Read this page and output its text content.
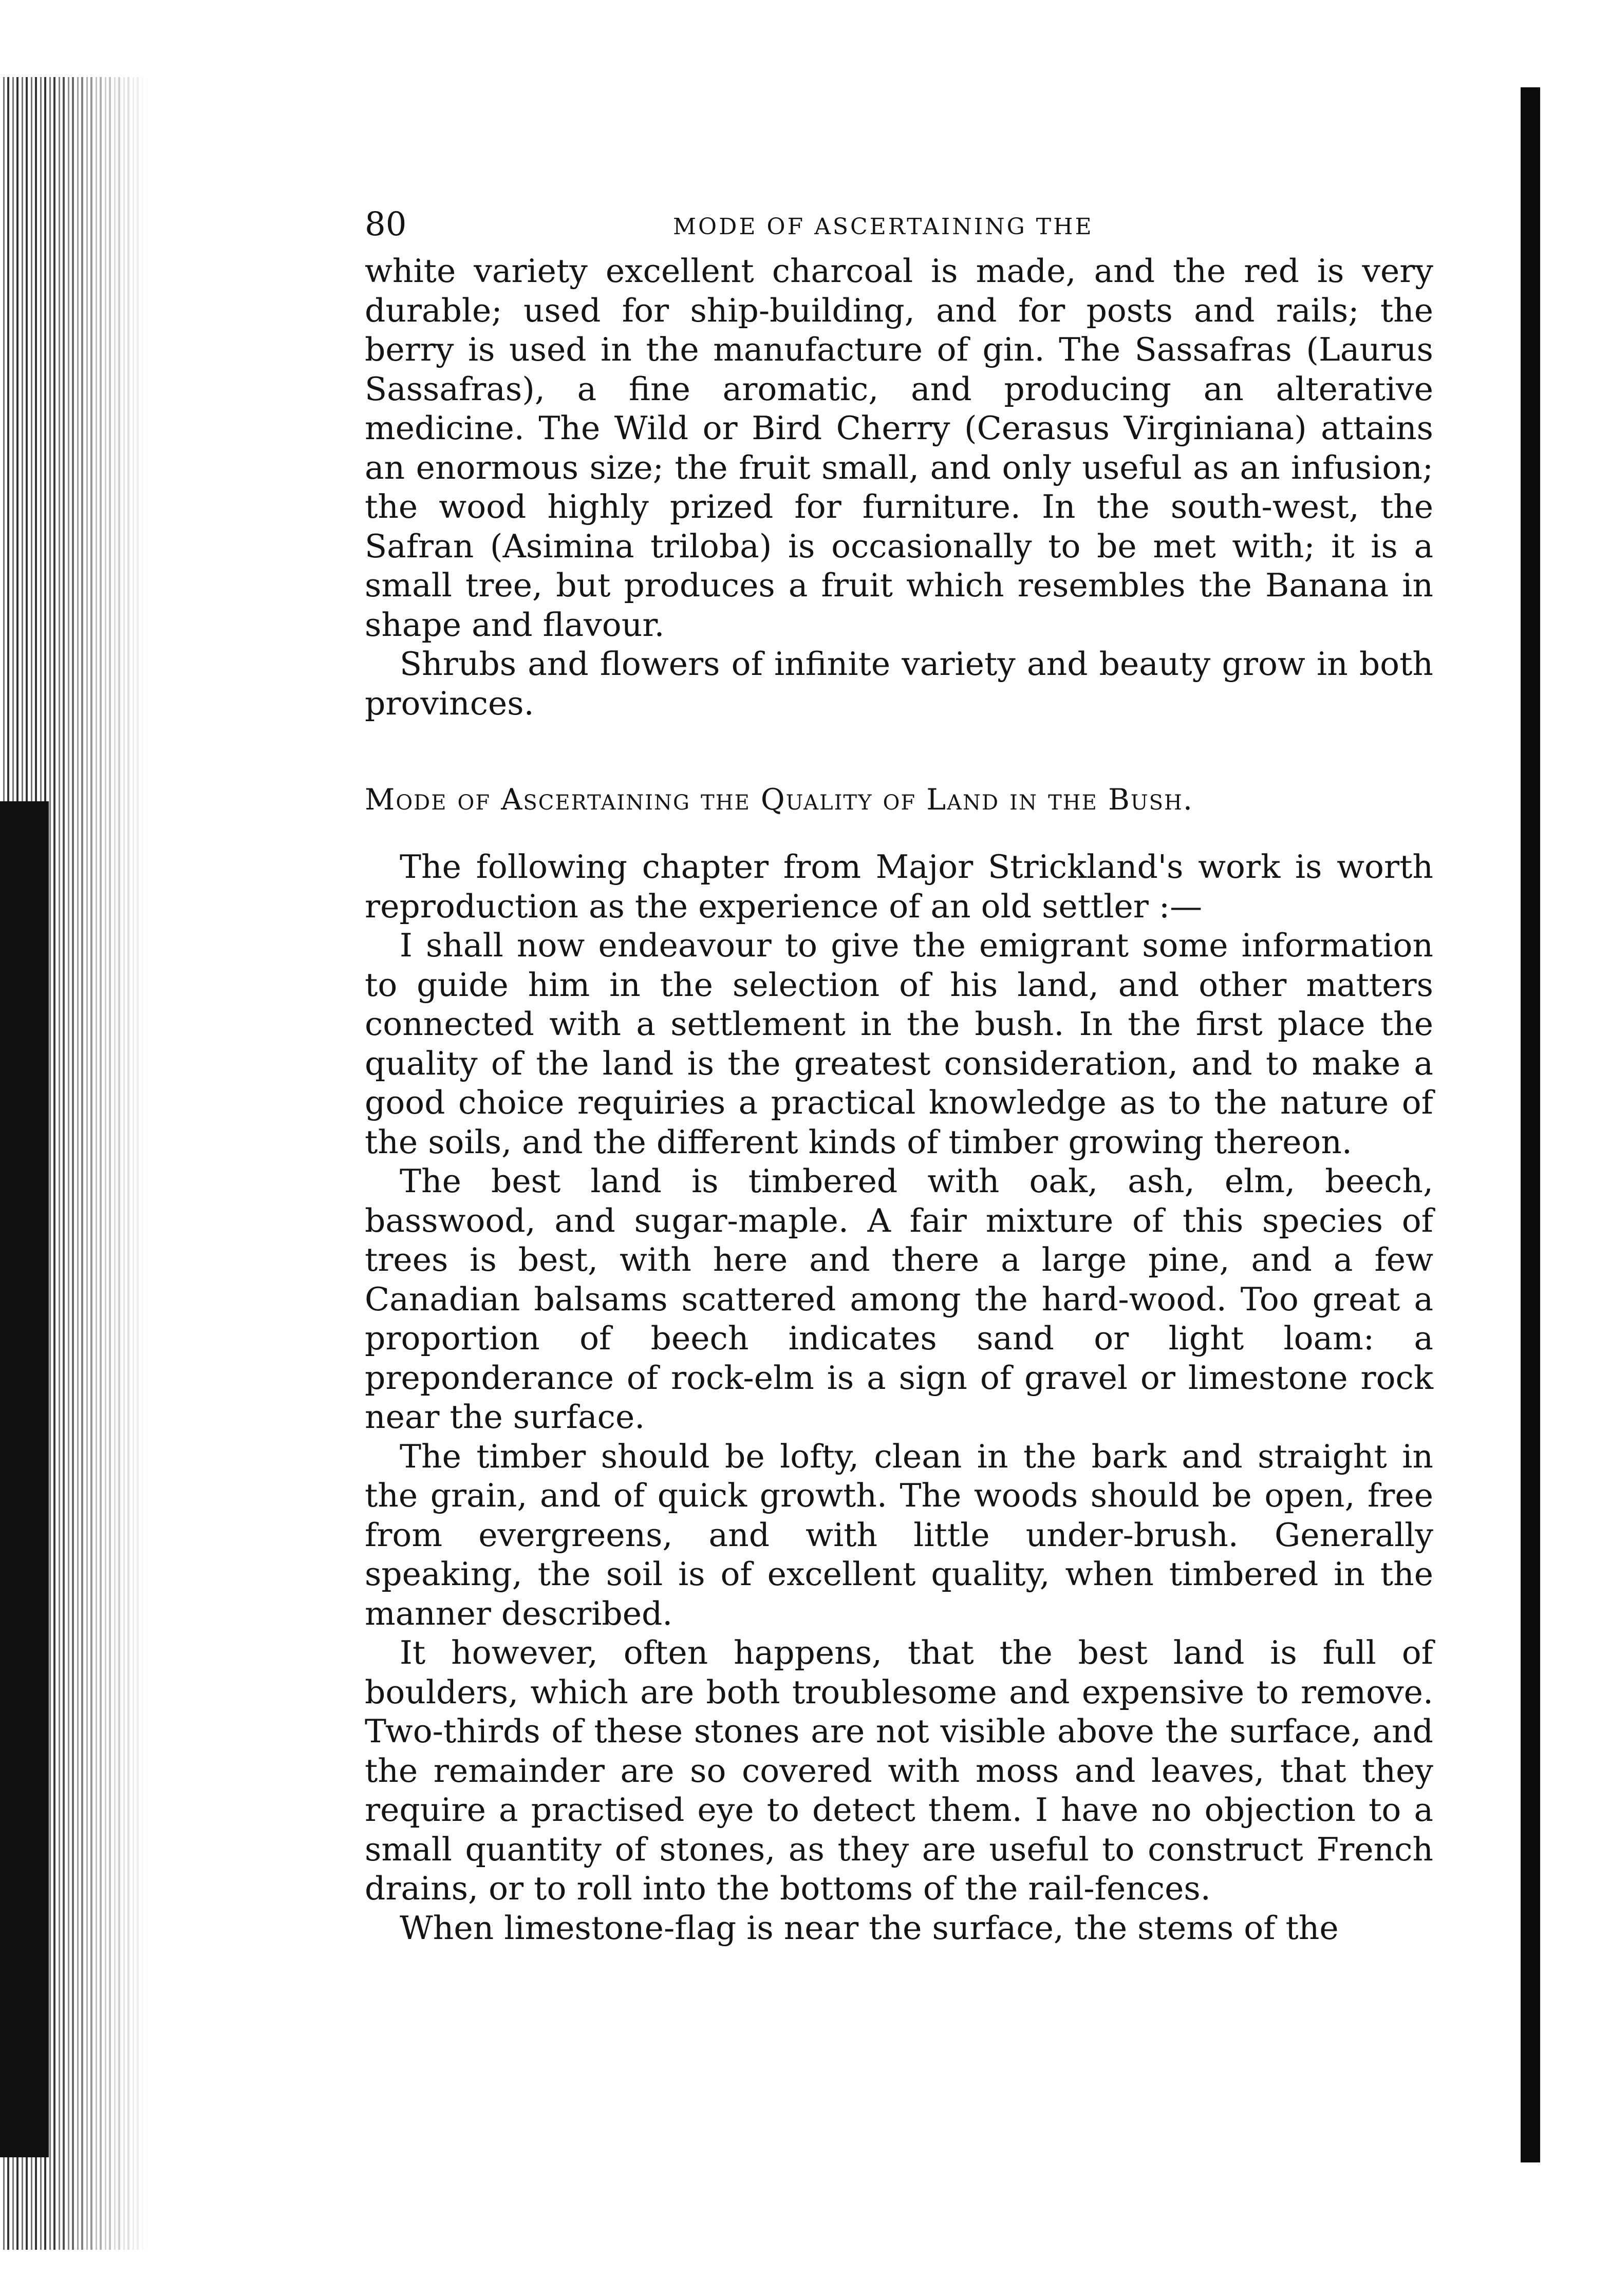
80	MODE OF ASCERTAINING THE

white variety excellent charcoal is made, and the red is very durable; used for ship-building, and for posts and rails; the berry is used in the manufacture of gin. The Sassafras (Laurus Sassafras), a fine aromatic, and producing an alterative medicine. The Wild or Bird Cherry (Cerasus Virginiana) attains an enormous size; the fruit small, and only useful as an infusion; the wood highly prized for furniture. In the south-west, the Safran (Asimina triloba) is occasionally to be met with; it is a small tree, but produces a fruit which resembles the Banana in shape and flavour.

Shrubs and flowers of infinite variety and beauty grow in both provinces.

Mode of Ascertaining the Quality of Land in the Bush.

The following chapter from Major Strickland's work is worth reproduction as the experience of an old settler :—

I shall now endeavour to give the emigrant some information to guide him in the selection of his land, and other matters connected with a settlement in the bush. In the first place the quality of the land is the greatest consideration, and to make a good choice requiries a practical knowledge as to the nature of the soils, and the different kinds of timber growing thereon.

The best land is timbered with oak, ash, elm, beech, basswood, and sugar-maple. A fair mixture of this species of trees is best, with here and there a large pine, and a few Canadian balsams scattered among the hard-wood. Too great a proportion of beech indicates sand or light loam: a preponderance of rock-elm is a sign of gravel or limestone rock near the surface.

The timber should be lofty, clean in the bark and straight in the grain, and of quick growth. The woods should be open, free from evergreens, and with little under-brush. Generally speaking, the soil is of excellent quality, when timbered in the manner described.

It however, often happens, that the best land is full of boulders, which are both troublesome and expensive to remove. Two-thirds of these stones are not visible above the surface, and the remainder are so covered with moss and leaves, that they require a practised eye to detect them. I have no objection to a small quantity of stones, as they are useful to construct French drains, or to roll into the bottoms of the rail-fences.

When limestone-flag is near the surface, the stems of the
